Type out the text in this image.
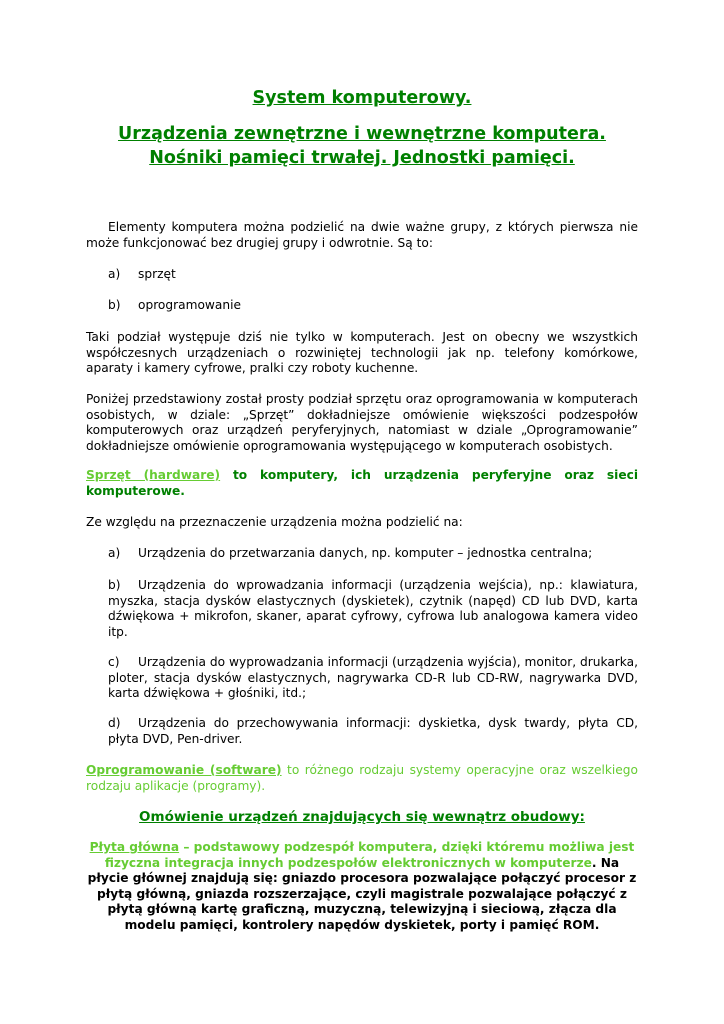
System komputerowy.
Urządzenia zewnętrzne i wewnętrzne komputera.
Nośniki pamięci trwałej. Jednostki pamięci.

Elementy komputera można podzielić na dwie ważne grupy, z których pierwsza nie może funkcjonować bez drugiej grupy i odwrotnie. Są to:

a) sprzęt

b) oprogramowanie

Taki podział występuje dziś nie tylko w komputerach. Jest on obecny we wszystkich współczesnych urządzeniach o rozwiniętej technologii jak np. telefony komórkowe, aparaty i kamery cyfrowe, pralki czy roboty kuchenne.

Poniżej przedstawiony został prosty podział sprzętu oraz oprogramowania w komputerach osobistych, w dziale: „Sprzęt” dokładniejsze omówienie większości podzespołów komputerowych oraz urządzeń peryferyjnych, natomiast w dziale „Oprogramowanie” dokładniejsze omówienie oprogramowania występującego w komputerach osobistych.

Sprzęt (hardware) to komputery, ich urządzenia peryferyjne oraz sieci komputerowe.

Ze względu na przeznaczenie urządzenia można podzielić na:

a) Urządzenia do przetwarzania danych, np. komputer – jednostka centralna;

b) Urządzenia do wprowadzania informacji (urządzenia wejścia), np.: klawiatura, myszka, stacja dysków elastycznych (dyskietek), czytnik (napęd) CD lub DVD, karta dźwiękowa + mikrofon, skaner, aparat cyfrowy, cyfrowa lub analogowa kamera video itp.

c) Urządzenia do wyprowadzania informacji (urządzenia wyjścia), monitor, drukarka, ploter, stacja dysków elastycznych, nagrywarka CD-R lub CD-RW, nagrywarka DVD, karta dźwiękowa + głośniki, itd.;

d) Urządzenia do przechowywania informacji: dyskietka, dysk twardy, płyta CD, płyta DVD, Pen-driver.

Oprogramowanie (software) to różnego rodzaju systemy operacyjne oraz wszelkiego rodzaju aplikacje (programy).

Omówienie urządzeń znajdujących się wewnątrz obudowy:

Płyta główna – podstawowy podzespół komputera, dzięki któremu możliwa jest fizyczna integracja innych podzespołów elektronicznych w komputerze. Na płycie głównej znajdują się: gniazdo procesora pozwalające połączyć procesor z płytą główną, gniazda rozszerzające, czyli magistrale pozwalające połączyć z płytą główną kartę graficzną, muzyczną, telewizyjną i sieciową, złącza dla modelu pamięci, kontrolery napędów dyskietek, porty i pamięć ROM.
